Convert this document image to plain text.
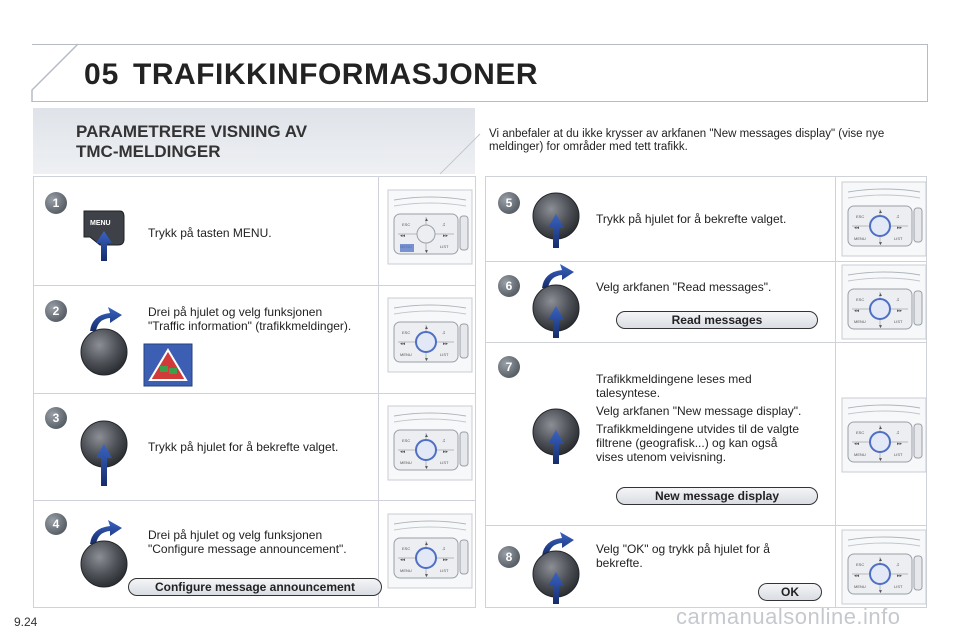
05 TRAFIKKINFORMASJONER
PARAMETRERE VISNING AV
TMC-MELDINGER
Vi anbefaler at du ikke krysser av arkfanen "New messages display" (vise nye meldinger) for områder med tett trafikk.
ESC	♫
MENU
◂◂
▲
1
MENU
Trykk på tasten MENU.
2	Drei på hjulet og velg funksjonen
"Traffic information" (trafikkmeldinger).
3
Trykk på hjulet for å bekrefte valget.
4
Drei på hjulet og velg funksjonen
"Configure message announcement".
Configure message announcement
5
Trykk på hjulet for å bekrefte valget.
6	Velg arkfanen "Read messages".
Read messages
7

Trafikkmeldingene leses med
talesyntese.

Velg arkfanen "New message display".

Trafikkmeldingene utvides til de valgte
filtrene (geografisk...) og kan også
vises utenom veivisning.

New message display
8
Velg "OK" og trykk på hjulet for å
bekrefte.
OK
9.24	carmanualsonline.info
